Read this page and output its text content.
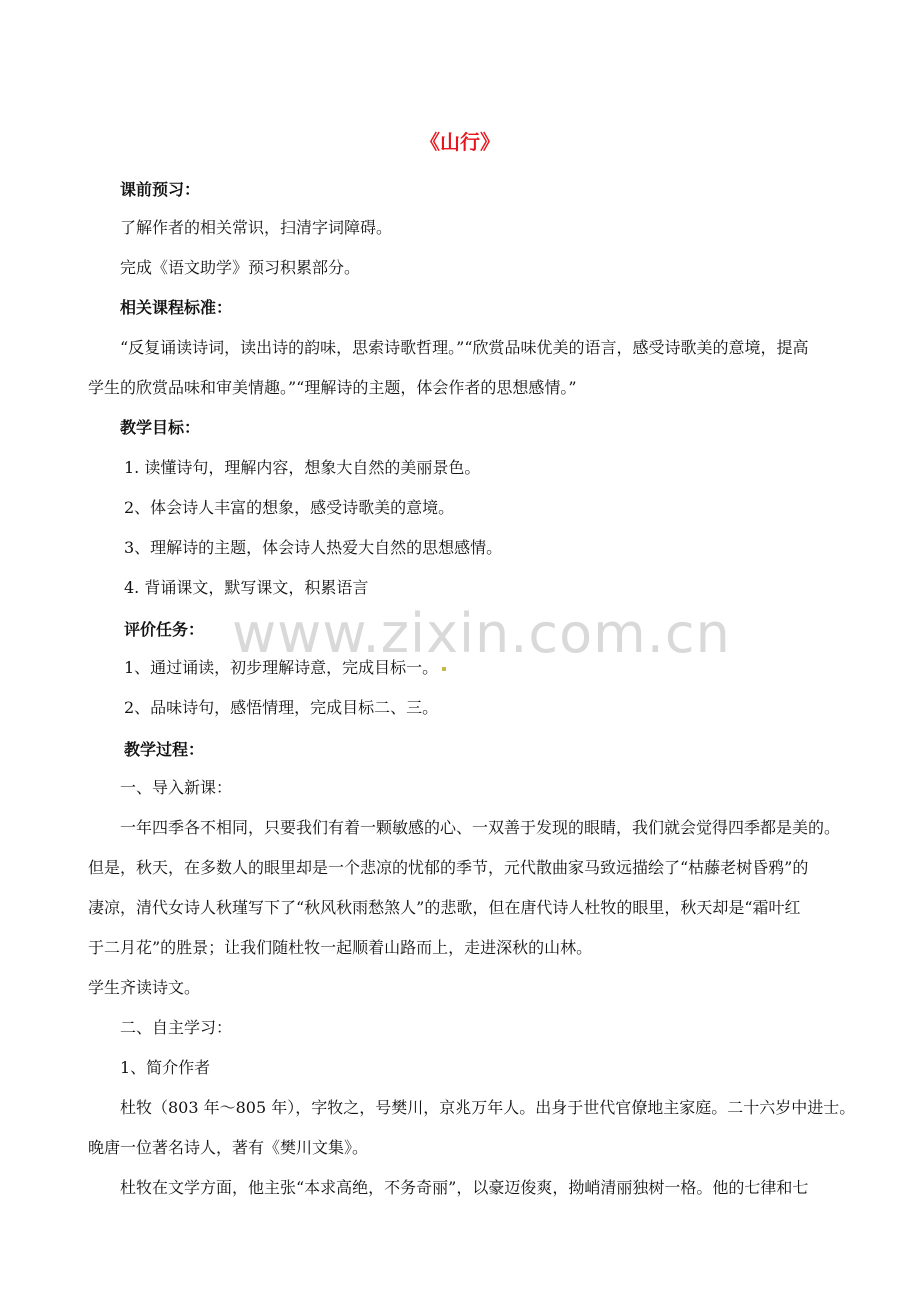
www.zixin.com.cn
《山行》
课前预习：
了解作者的相关常识，扫清字词障碍。
完成《语文助学》预习积累部分。
相关课程标准：
“反复诵读诗词，读出诗的韵味，思索诗歌哲理。”“欣赏品味优美的语言，感受诗歌美的意境，提高
学生的欣赏品味和审美情趣。”“理解诗的主题，体会作者的思想感情。”
教学目标：
1. 读懂诗句，理解内容，想象大自然的美丽景色。
2、体会诗人丰富的想象，感受诗歌美的意境。
3、理解诗的主题，体会诗人热爱大自然的思想感情。
4. 背诵课文，默写课文，积累语言
评价任务：
1、通过诵读，初步理解诗意，完成目标一。
2、品味诗句，感悟情理，完成目标二、三。
教学过程：
一、导入新课：
一年四季各不相同，只要我们有着一颗敏感的心、一双善于发现的眼睛，我们就会觉得四季都是美的。
但是，秋天，在多数人的眼里却是一个悲凉的忧郁的季节，元代散曲家马致远描绘了“枯藤老树昏鸦”的
凄凉，清代女诗人秋瑾写下了“秋风秋雨愁煞人”的悲歌，但在唐代诗人杜牧的眼里，秋天却是“霜叶红
于二月花”的胜景；让我们随杜牧一起顺着山路而上，走进深秋的山林。
学生齐读诗文。
二、自主学习：
1、简介作者
杜牧（803 年～805 年），字牧之，号樊川，京兆万年人。出身于世代官僚地主家庭。二十六岁中进士。
晚唐一位著名诗人，著有《樊川文集》。
杜牧在文学方面，他主张“本求高绝，不务奇丽”，以豪迈俊爽，拗峭清丽独树一格。他的七律和七
